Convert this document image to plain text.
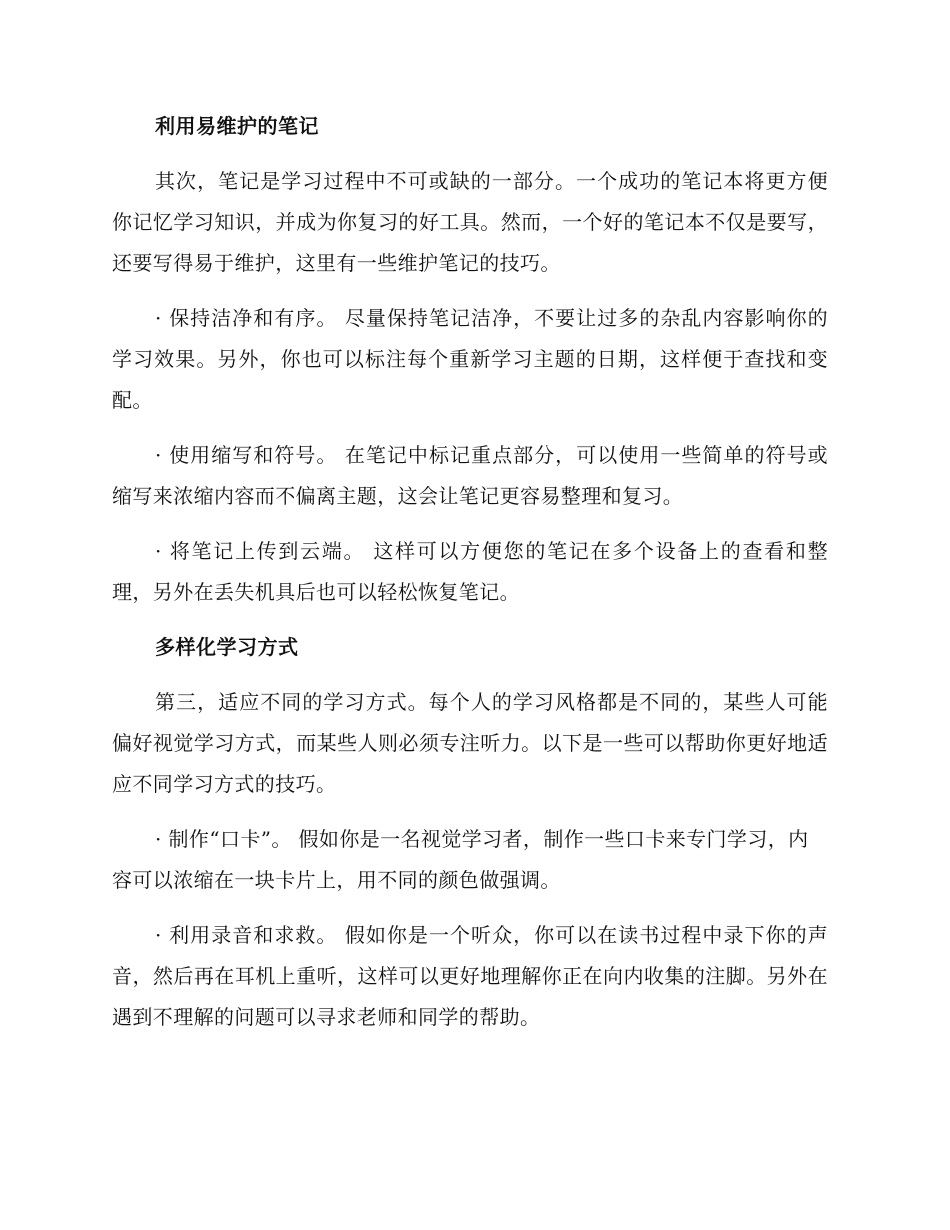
利用易维护的笔记

其次，笔记是学习过程中不可或缺的一部分。一个成功的笔记本将更方便你记忆学习知识，并成为你复习的好工具。然而，一个好的笔记本不仅是要写，还要写得易于维护，这里有一些维护笔记的技巧。

· 保持洁净和有序。 尽量保持笔记洁净，不要让过多的杂乱内容影响你的学习效果。另外，你也可以标注每个重新学习主题的日期，这样便于查找和变配。

· 使用缩写和符号。 在笔记中标记重点部分，可以使用一些简单的符号或缩写来浓缩内容而不偏离主题，这会让笔记更容易整理和复习。

· 将笔记上传到云端。 这样可以方便您的笔记在多个设备上的查看和整理，另外在丢失机具后也可以轻松恢复笔记。

多样化学习方式

第三，适应不同的学习方式。每个人的学习风格都是不同的，某些人可能偏好视觉学习方式，而某些人则必须专注听力。以下是一些可以帮助你更好地适应不同学习方式的技巧。

· 制作“口卡”。 假如你是一名视觉学习者，制作一些口卡来专门学习，内容可以浓缩在一块卡片上，用不同的颜色做强调。

· 利用录音和求救。 假如你是一个听众，你可以在读书过程中录下你的声音，然后再在耳机上重听，这样可以更好地理解你正在向内收集的注脚。另外在遇到不理解的问题可以寻求老师和同学的帮助。
